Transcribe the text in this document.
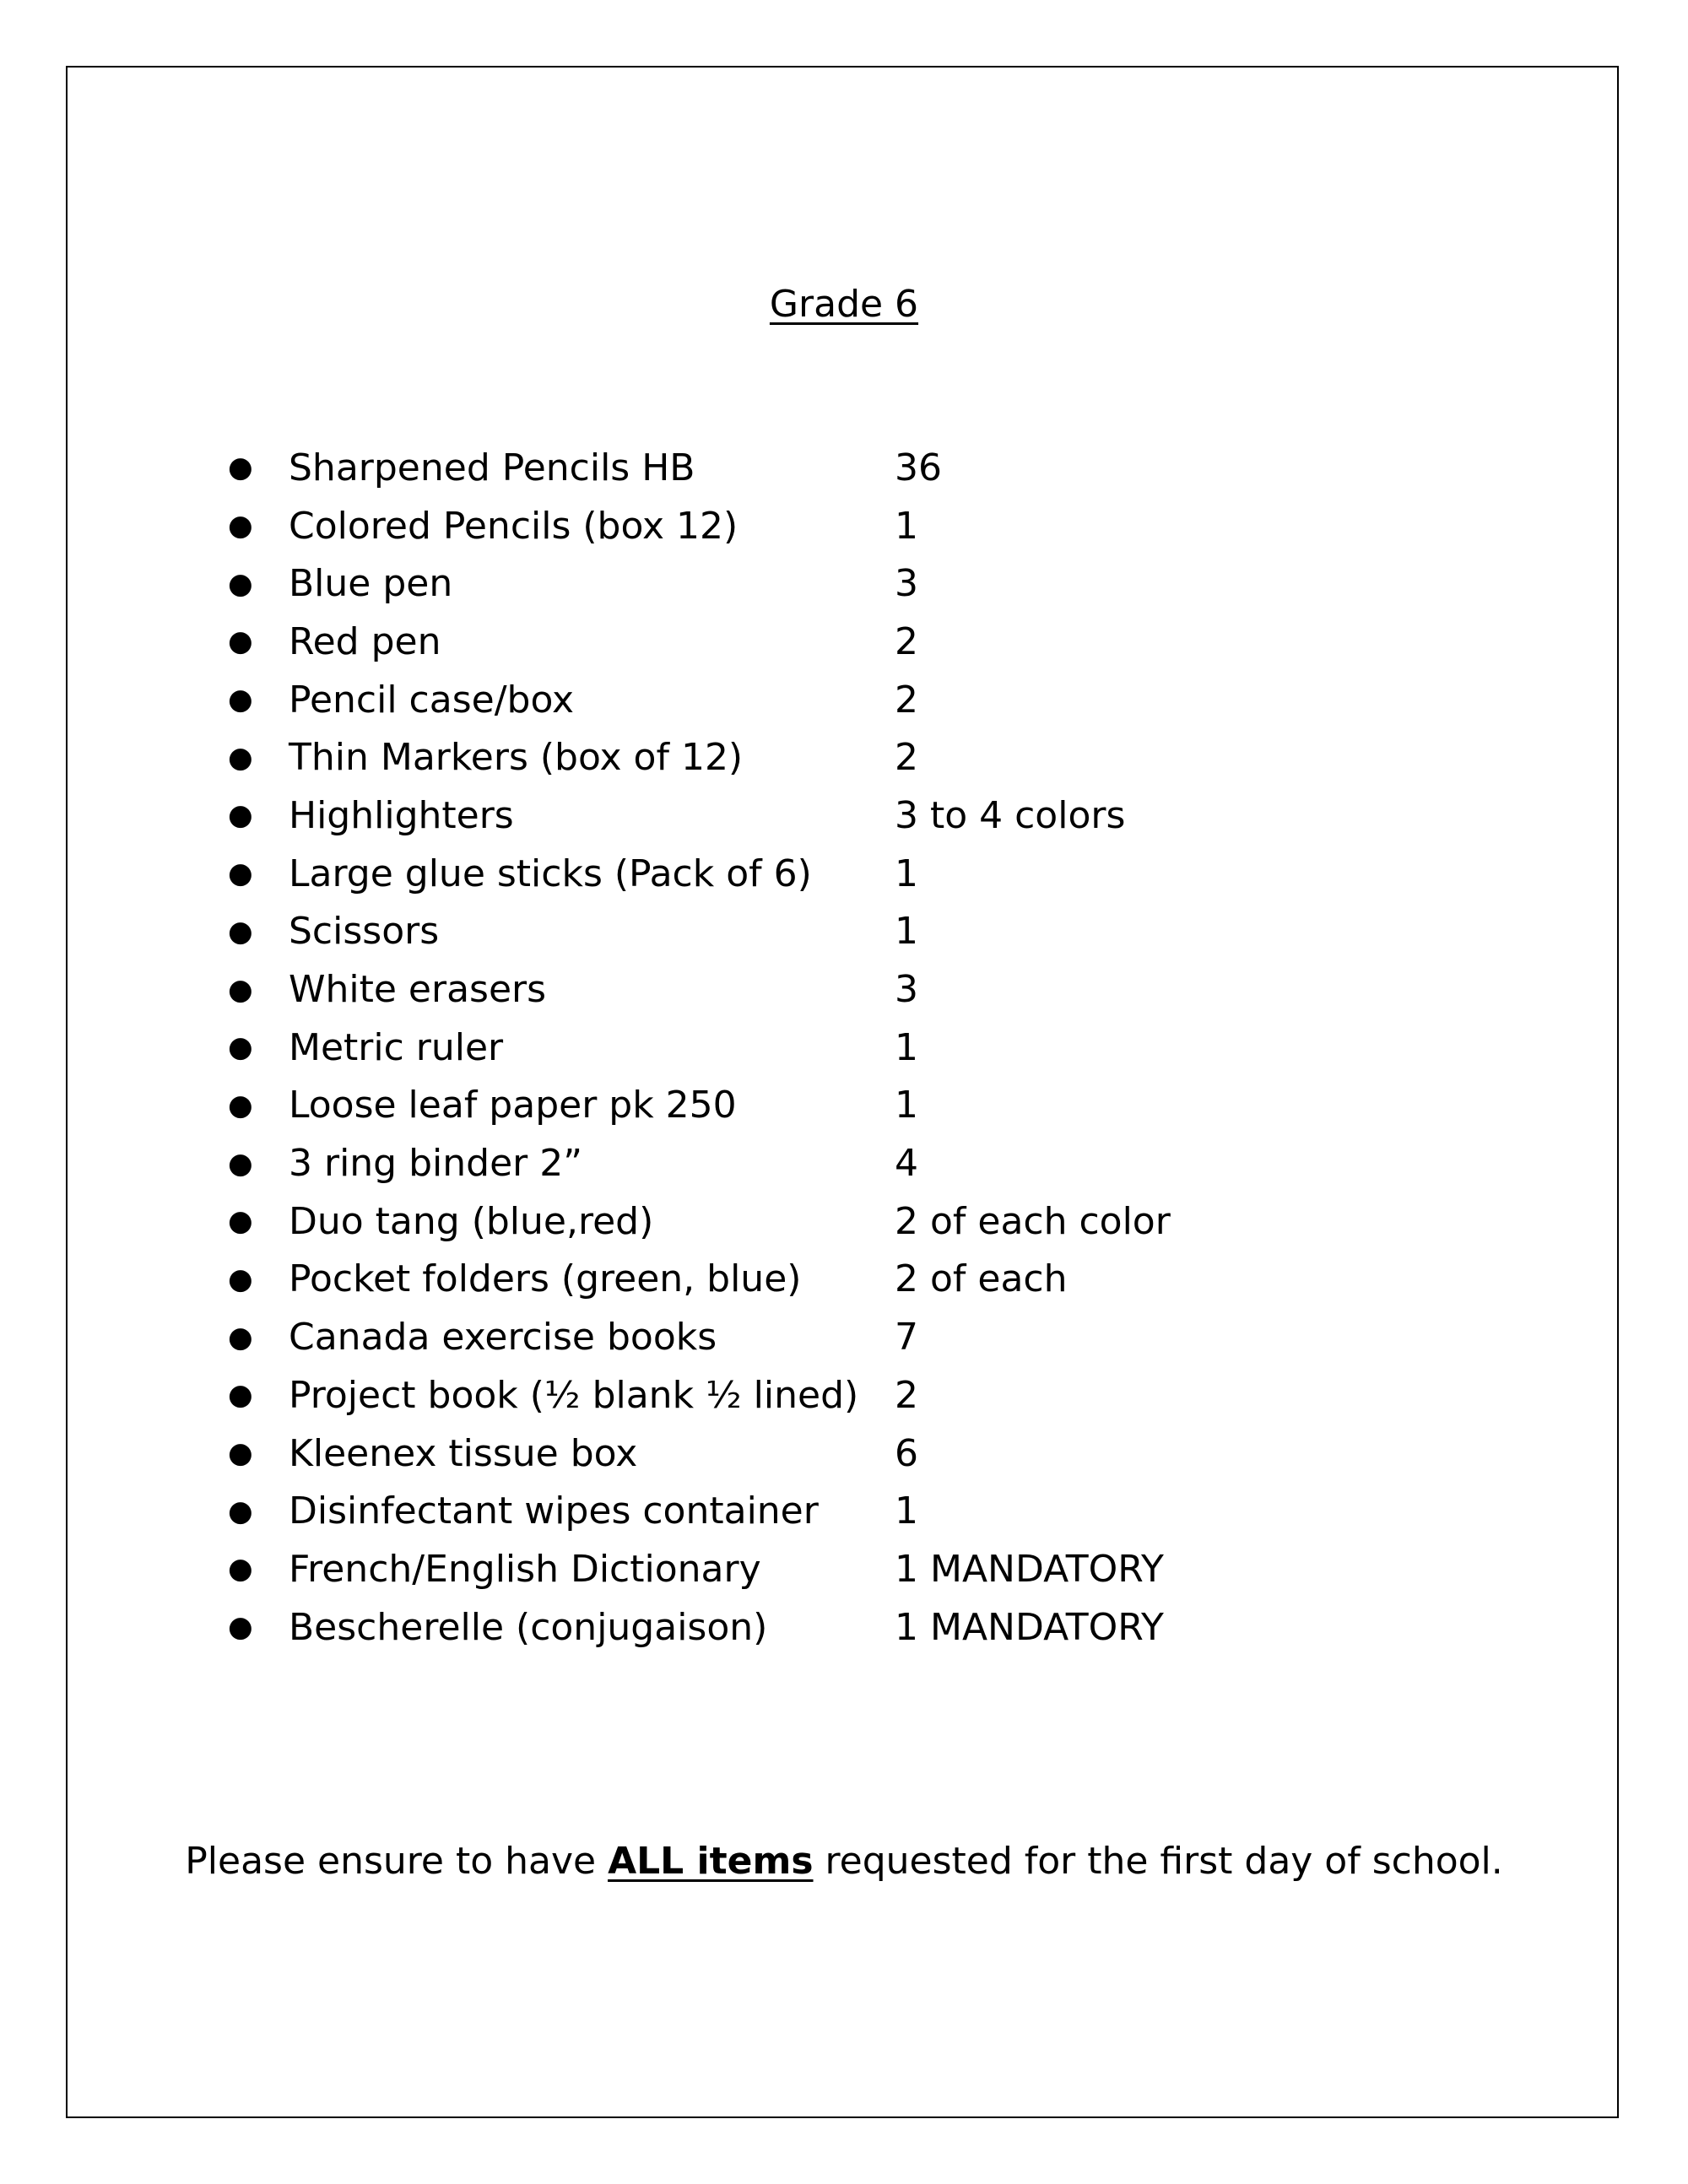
Grade 6
● Sharpened Pencils HB	36
● Colored Pencils (box 12)	1
● Blue pen	3
● Red pen	2
● Pencil case/box	2
● Thin Markers (box of 12)	2
● Highlighters	3 to 4 colors
● Large glue sticks (Pack of 6)	1
● Scissors	1
● White erasers	3
● Metric ruler	1
● Loose leaf paper pk 250	1
● 3 ring binder 2”	4
● Duo tang (blue,red)	2 of each color
● Pocket folders (green, blue)	2 of each
● Canada exercise books	7
● Project book (½ blank ½ lined) 2
● Kleenex tissue box	6
● Disinfectant wipes container	1
● French/English Dictionary	1 MANDATORY
● Bescherelle (conjugaison)	1 MANDATORY
Please ensure to have ALL items requested for the first day of school.
